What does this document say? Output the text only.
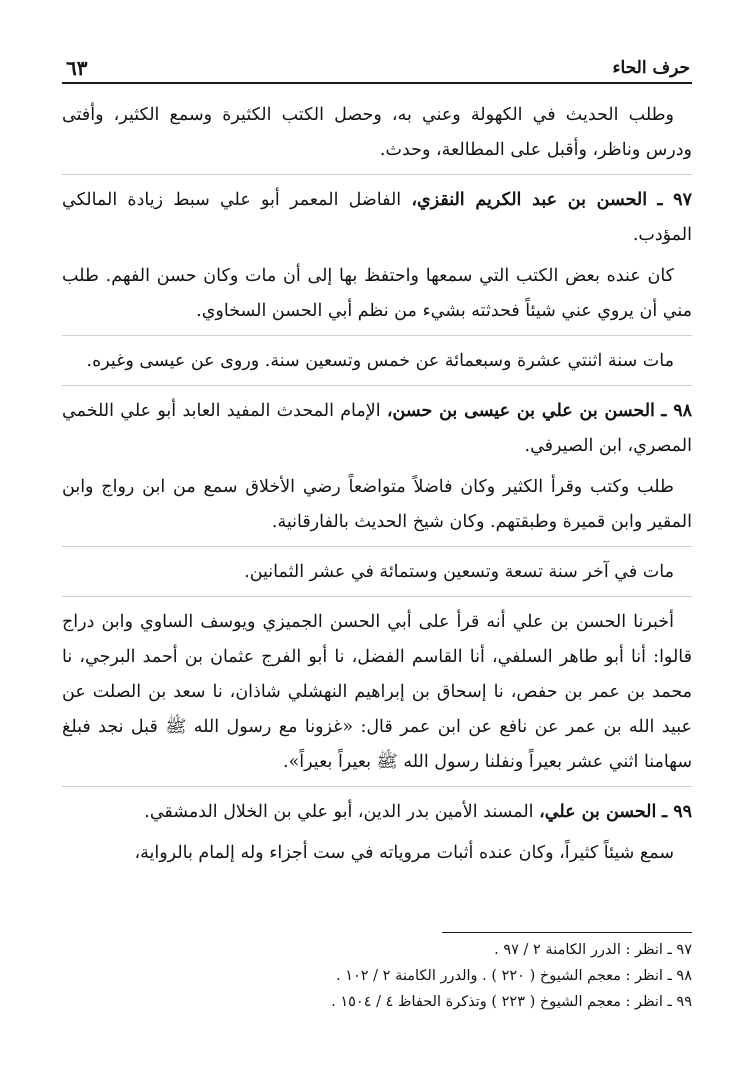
حرف الحاء
٦٣

وطلب الحديث في الكهولة وعني به، وحصل الكتب الكثيرة وسمع الكثير، وأفتى ودرس وناظر، وأقبل على المطالعة، وحدث.

٩٧ ـ الحسن بن عبد الكريم النقزي، الفاضل المعمر أبو علي سبط زيادة المالكي المؤدب.

كان عنده بعض الكتب التي سمعها واحتفظ بها إلى أن مات وكان حسن الفهم. طلب مني أن يروي عني شيئاً فحدثته بشيء من نظم أبي الحسن السخاوي.

مات سنة اثنتي عشرة وسبعمائة عن خمس وتسعين سنة. وروى عن عيسى وغيره.

٩٨ ـ الحسن بن علي بن عيسى بن حسن، الإمام المحدث المفيد العابد أبو علي اللخمي المصري، ابن الصيرفي.

طلب وكتب وقرأ الكثير وكان فاضلاً متواضعاً رضي الأخلاق سمع من ابن رواج وابن المقير وابن قميرة وطبقتهم. وكان شيخ الحديث بالفارقانية.

مات في آخر سنة تسعة وتسعين وستمائة في عشر الثمانين.

أخبرنا الحسن بن علي أنه قرأ على أبي الحسن الجميزي ويوسف الساوي وابن دراج قالوا: أنا أبو طاهر السلفي، أنا القاسم الفضل، نا أبو الفرج عثمان بن أحمد البرجي، نا محمد بن عمر بن حفص، نا إسحاق بن إبراهيم النهشلي شاذان، نا سعد بن الصلت عن عبيد الله بن عمر عن نافع عن ابن عمر قال: «غزونا مع رسول الله ﷺ قبل نجد فبلغ سهامنا اثني عشر بعيراً ونفلنا رسول الله ﷺ بعيراً بعيراً».

٩٩ ـ الحسن بن علي، المسند الأمين بدر الدين، أبو علي بن الخلال الدمشقي.

سمع شيئاً كثيراً، وكان عنده أثبات مروياته في ست أجزاء وله إلمام بالرواية،

٩٧ ـ انظر : الدرر الكامنة ٢ / ٩٧ .

٩٨ ـ انظر : معجم الشيوخ ( ٢٢٠ ) . والدرر الكامنة ٢ / ١٠٢ .

٩٩ ـ انظر : معجم الشيوخ ( ٢٢٣ ) وتذكرة الحفاظ ٤ / ١٥٠٤ .
